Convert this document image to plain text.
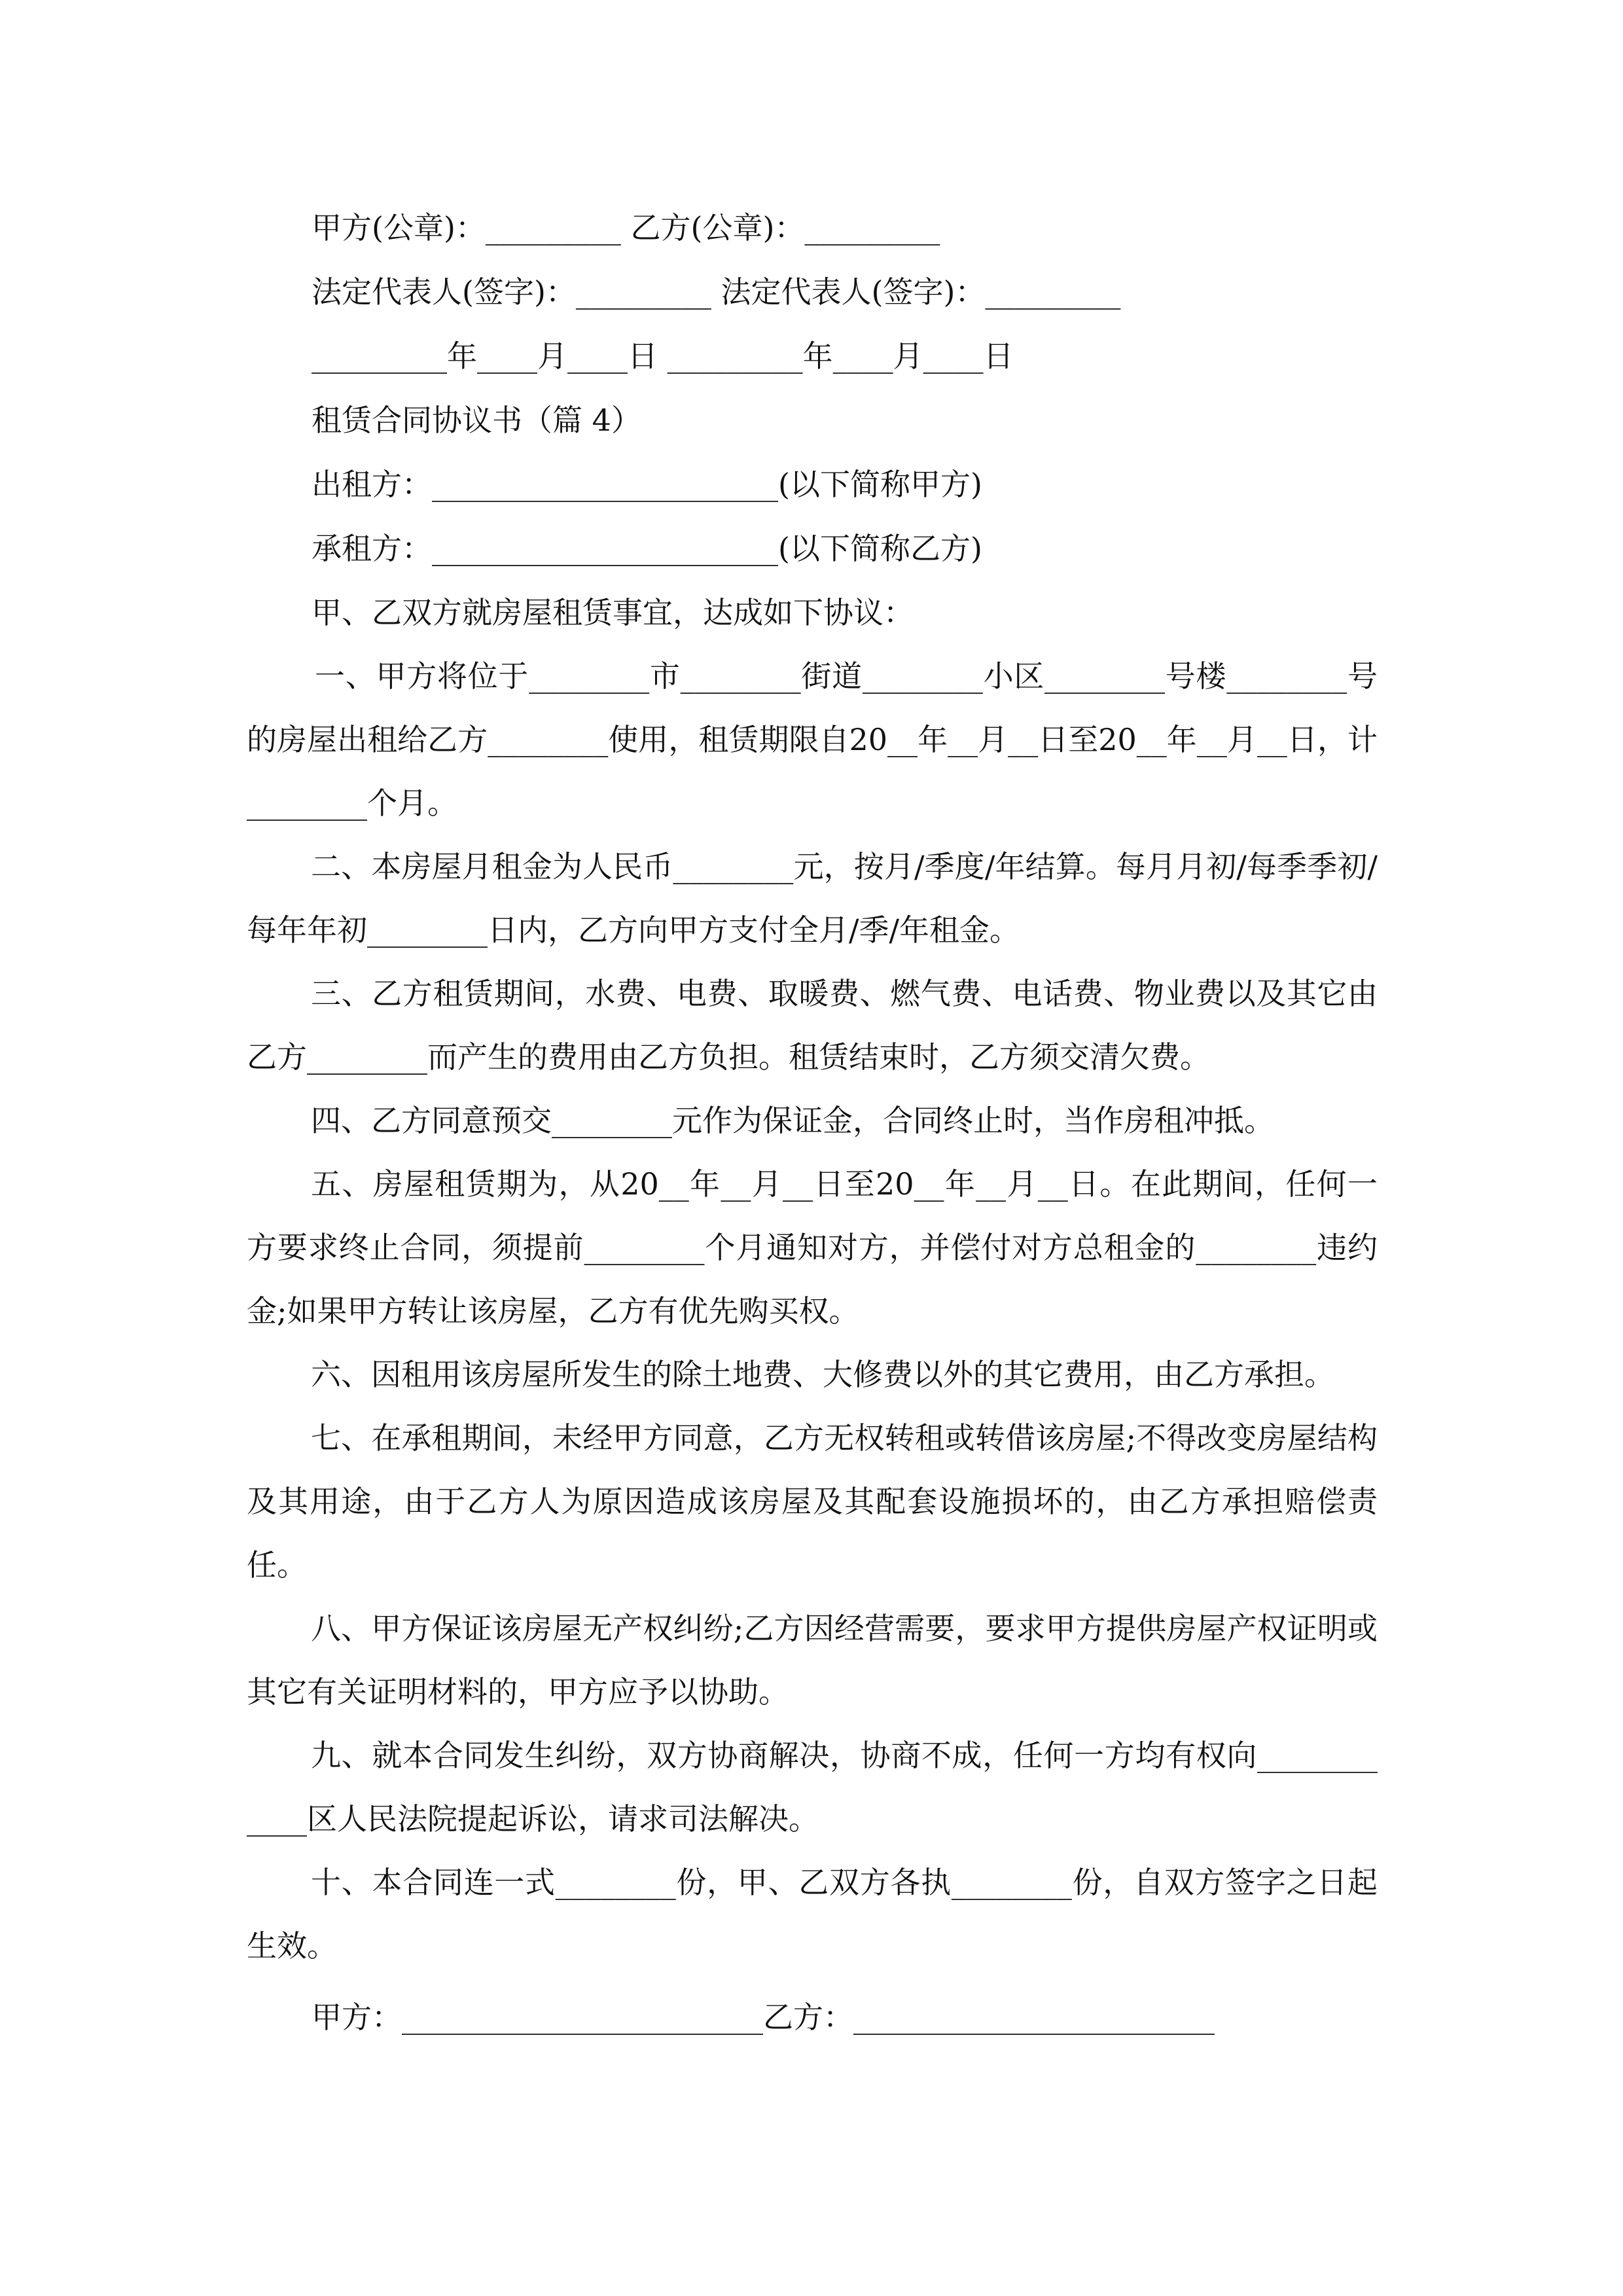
甲方(公章)：_________ 乙方(公章)：_________
法定代表人(签字)：_________ 法定代表人(签字)：_________
_________年____月____日 _________年____月____日
租赁合同协议书（篇 4）
出租方：_______________________(以下简称甲方)
承租方：_______________________(以下简称乙方)
甲、乙双方就房屋租赁事宜，达成如下协议：

一、甲方将位于________市________街道________小区________号楼________号的房屋出租给乙方________使用，租赁期限自20__年__月__日至20__年__月__日，计________个月。

二、本房屋月租金为人民币________元，按月/季度/年结算。每月月初/每季季初/每年年初________日内，乙方向甲方支付全月/季/年租金。

三、乙方租赁期间，水费、电费、取暖费、燃气费、电话费、物业费以及其它由乙方________而产生的费用由乙方负担。租赁结束时，乙方须交清欠费。

四、乙方同意预交________元作为保证金，合同终止时，当作房租冲抵。

五、房屋租赁期为，从20__年__月__日至20__年__月__日。在此期间，任何一方要求终止合同，须提前________个月通知对方，并偿付对方总租金的________违约金;如果甲方转让该房屋，乙方有优先购买权。

六、因租用该房屋所发生的除土地费、大修费以外的其它费用，由乙方承担。

七、在承租期间，未经甲方同意，乙方无权转租或转借该房屋;不得改变房屋结构及其用途，由于乙方人为原因造成该房屋及其配套设施损坏的，由乙方承担赔偿责任。

八、甲方保证该房屋无产权纠纷;乙方因经营需要，要求甲方提供房屋产权证明或其它有关证明材料的，甲方应予以协助。

九、就本合同发生纠纷，双方协商解决，协商不成，任何一方均有权向____________区人民法院提起诉讼，请求司法解决。

十、本合同连一式________份，甲、乙双方各执________份，自双方签字之日起生效。

甲方：________________________乙方：________________________
